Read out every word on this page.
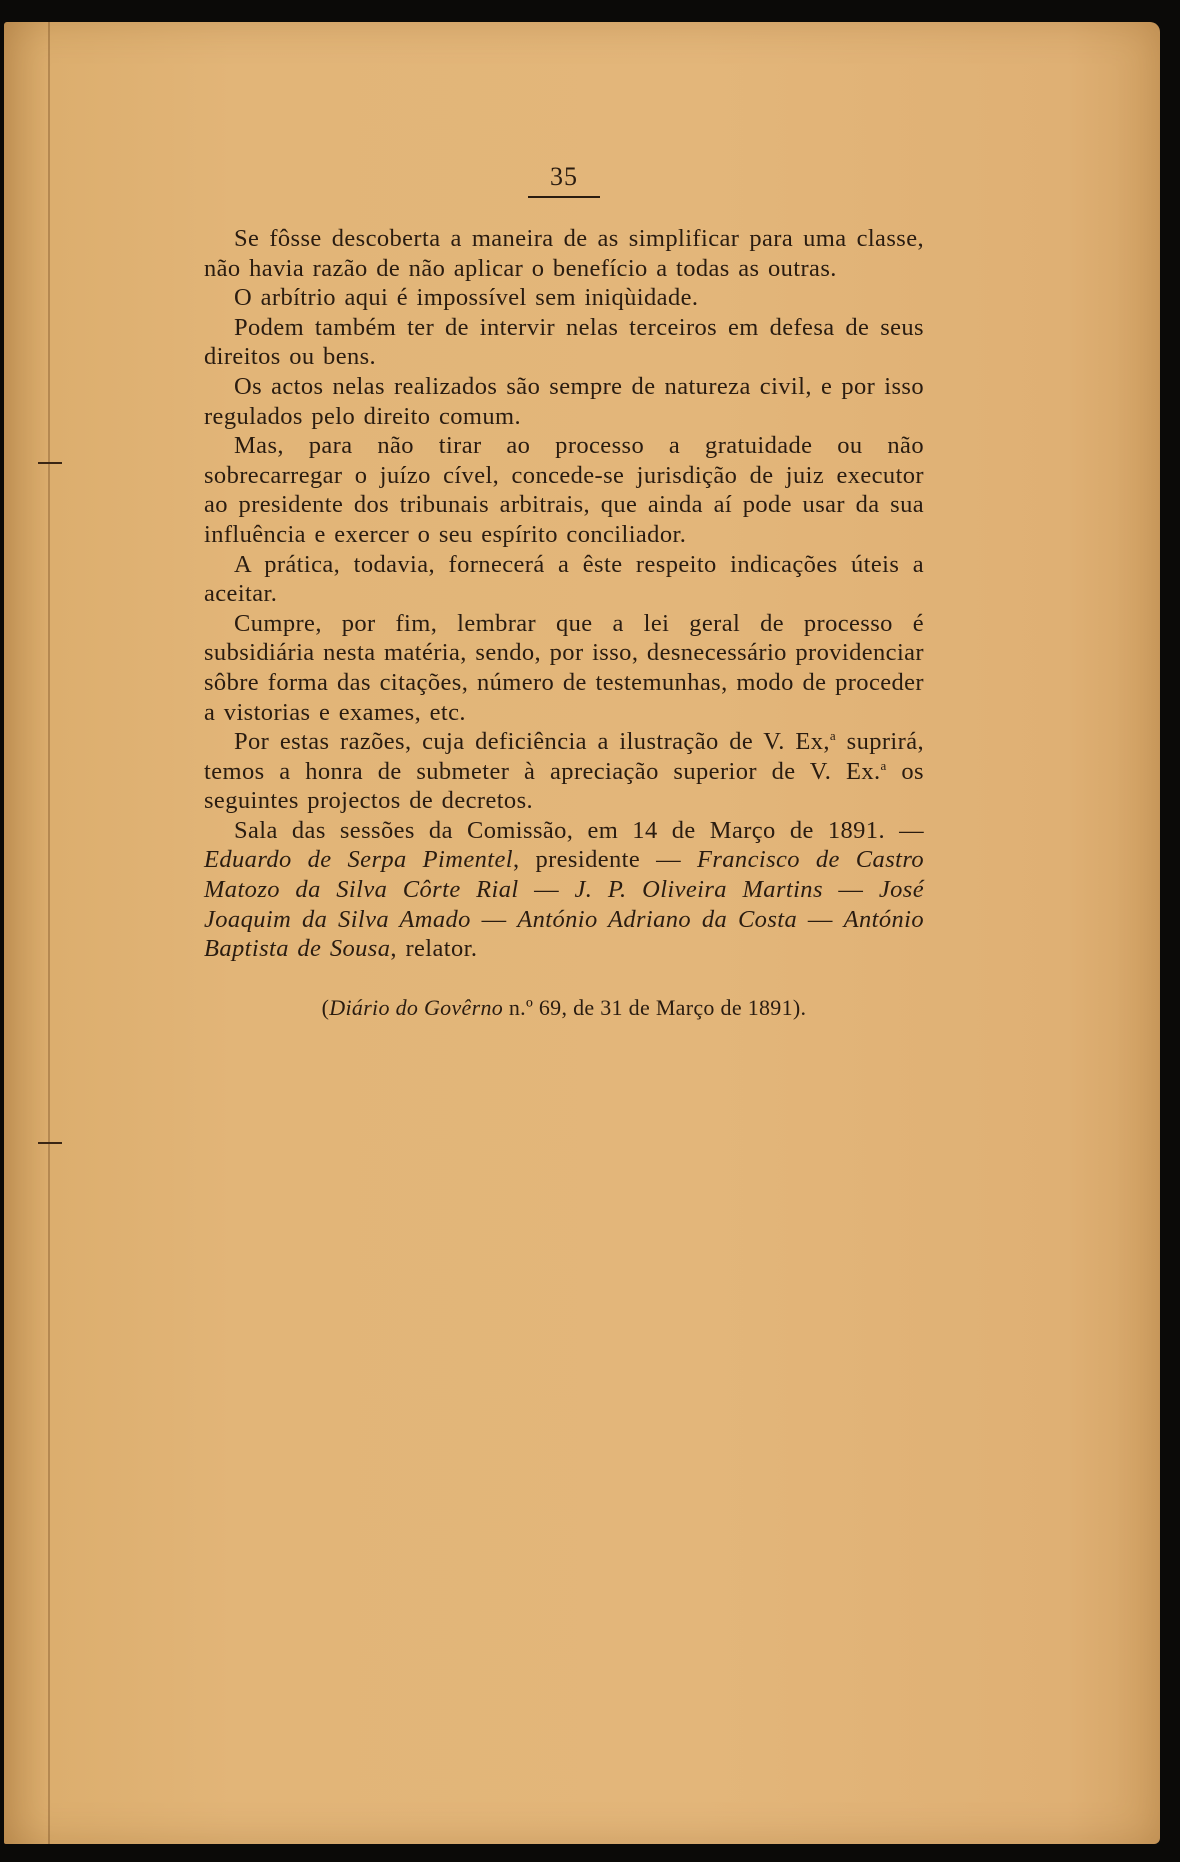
35

Se fôsse descoberta a maneira de as simplificar para uma classe, não havia razão de não aplicar o benefício a todas as outras.

O arbítrio aqui é impossível sem iniqùidade.

Podem também ter de intervir nelas terceiros em defesa de seus direitos ou bens.

Os actos nelas realizados são sempre de natureza civil, e por isso regulados pelo direito comum.

Mas, para não tirar ao processo a gratuidade ou não sobrecarregar o juízo cível, concede-se jurisdição de juiz executor ao presidente dos tribunais arbitrais, que ainda aí pode usar da sua influência e exercer o seu espírito conciliador.

A prática, todavia, fornecerá a êste respeito indicações úteis a aceitar.

Cumpre, por fim, lembrar que a lei geral de processo é subsidiária nesta matéria, sendo, por isso, desnecessário providenciar sôbre forma das citações, número de testemunhas, modo de proceder a vistorias e exames, etc.

Por estas razões, cuja deficiência a ilustração de V. Ex,$^a$ suprirá, temos a honra de submeter à apreciação superior de V. Ex.$^a$ os seguintes projectos de decretos.

Sala das sessões da Comissão, em 14 de Março de 1891. — Eduardo de Serpa Pimentel, presidente — Francisco de Castro Matozo da Silva Côrte Rial — J. P. Oliveira Martins — José Joaquim da Silva Amado — António Adriano da Costa — António Baptista de Sousa, relator.

(Diário do Govêrno n.º 69, de 31 de Março de 1891).
